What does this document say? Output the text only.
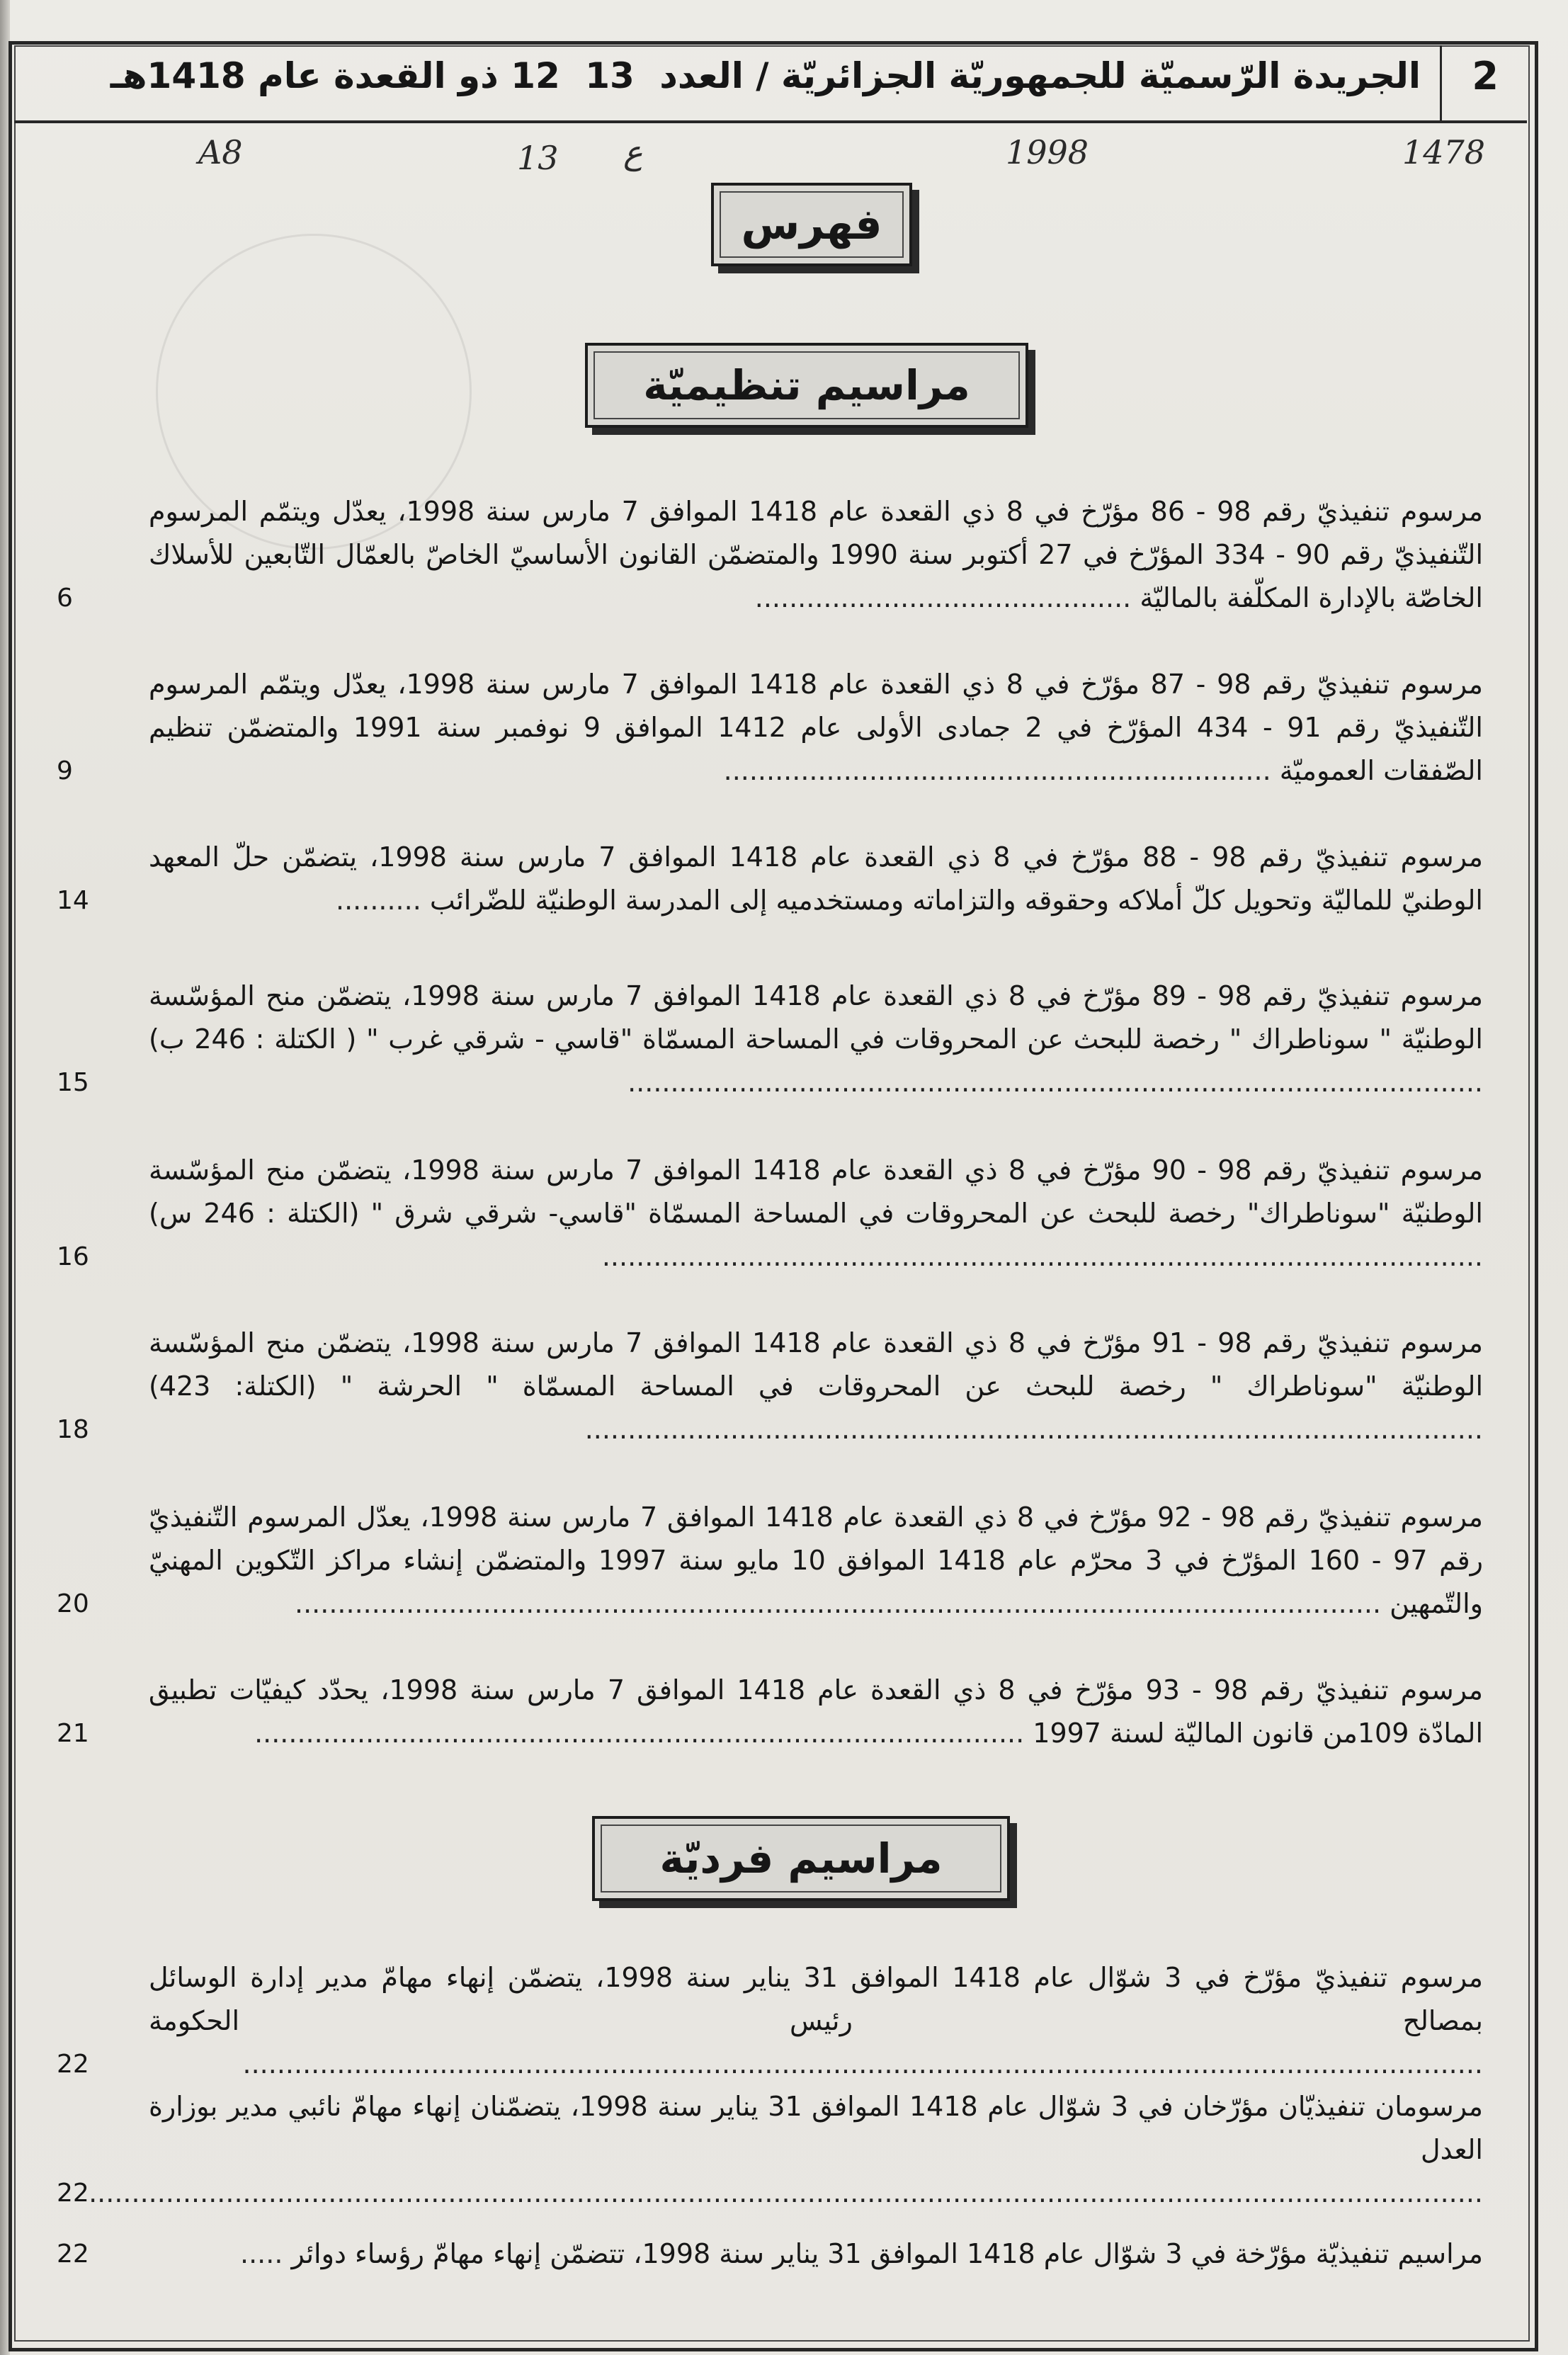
2
الجريدة الرّسميّة للجمهوريّة الجزائريّة / العدد 13 12 ذو القعدة عام 1418هـ
1478
1998
ع
13
A8
فهرس
مراسيم تنظيميّة
مرسوم تنفيذيّ رقم 98 - 86 مؤرّخ في 8 ذي القعدة عام 1418 الموافق 7 مارس سنة 1998، يعدّل ويتمّم المرسوم التّنفيذيّ رقم 90 - 334 المؤرّخ في 27 أكتوبر سنة 1990 والمتضمّن القانون الأساسيّ الخاصّ بالعمّال التّابعين للأسلاك الخاصّة بالإدارة المكلّفة بالماليّة ............................................
6
مرسوم تنفيذيّ رقم 98 - 87 مؤرّخ في 8 ذي القعدة عام 1418 الموافق 7 مارس سنة 1998، يعدّل ويتمّم المرسوم التّنفيذيّ رقم 91 - 434 المؤرّخ في 2 جمادى الأولى عام 1412 الموافق 9 نوفمبر سنة 1991 والمتضمّن تنظيم الصّفقات العموميّة ................................................................
9
مرسوم تنفيذيّ رقم 98 - 88 مؤرّخ في 8 ذي القعدة عام 1418 الموافق 7 مارس سنة 1998، يتضمّن حلّ المعهد الوطنيّ للماليّة وتحويل كلّ أملاكه وحقوقه والتزاماته ومستخدميه إلى المدرسة الوطنيّة للضّرائب ..........
14
مرسوم تنفيذيّ رقم 98 - 89 مؤرّخ في 8 ذي القعدة عام 1418 الموافق 7 مارس سنة 1998، يتضمّن منح المؤسّسة الوطنيّة " سوناطراك " رخصة للبحث عن المحروقات في المساحة المسمّاة "قاسي - شرقي غرب " ( الكتلة : 246 ب) ....................................................................................................
15
مرسوم تنفيذيّ رقم 98 - 90 مؤرّخ في 8 ذي القعدة عام 1418 الموافق 7 مارس سنة 1998، يتضمّن منح المؤسّسة الوطنيّة "سوناطراك" رخصة للبحث عن المحروقات في المساحة المسمّاة "قاسي- شرقي شرق " (الكتلة : 246 س) .......................................................................................................
16
مرسوم تنفيذيّ رقم 98 - 91 مؤرّخ في 8 ذي القعدة عام 1418 الموافق 7 مارس سنة 1998، يتضمّن منح المؤسّسة الوطنيّة "سوناطراك " رخصة للبحث عن المحروقات في المساحة المسمّاة " الحرشة " (الكتلة: 423) .........................................................................................................
18
مرسوم تنفيذيّ رقم 98 - 92 مؤرّخ في 8 ذي القعدة عام 1418 الموافق 7 مارس سنة 1998، يعدّل المرسوم التّنفيذيّ رقم 97 - 160 المؤرّخ في 3 محرّم عام 1418 الموافق 10 مايو سنة 1997 والمتضمّن إنشاء مراكز التّكوين المهنيّ والتّمهين ...............................................................................................................................
20
مرسوم تنفيذيّ رقم 98 - 93 مؤرّخ في 8 ذي القعدة عام 1418 الموافق 7 مارس سنة 1998، يحدّد كيفيّات تطبيق المادّة 109من قانون الماليّة لسنة 1997 ..........................................................................................
21
مراسيم فرديّة
مرسوم تنفيذيّ مؤرّخ في 3 شوّال عام 1418 الموافق 31 يناير سنة 1998، يتضمّن إنهاء مهامّ مدير إدارة الوسائل بمصالح رئيس الحكومة .................................................................................................................................................
22
مرسومان تنفيذيّان مؤرّخان في 3 شوّال عام 1418 الموافق 31 يناير سنة 1998، يتضمّنان إنهاء مهامّ نائبي مدير بوزارة العدل ...................................................................................................................................................................
22
مراسيم تنفيذيّة مؤرّخة في 3 شوّال عام 1418 الموافق 31 يناير سنة 1998، تتضمّن إنهاء مهامّ رؤساء دوائر .....
22
